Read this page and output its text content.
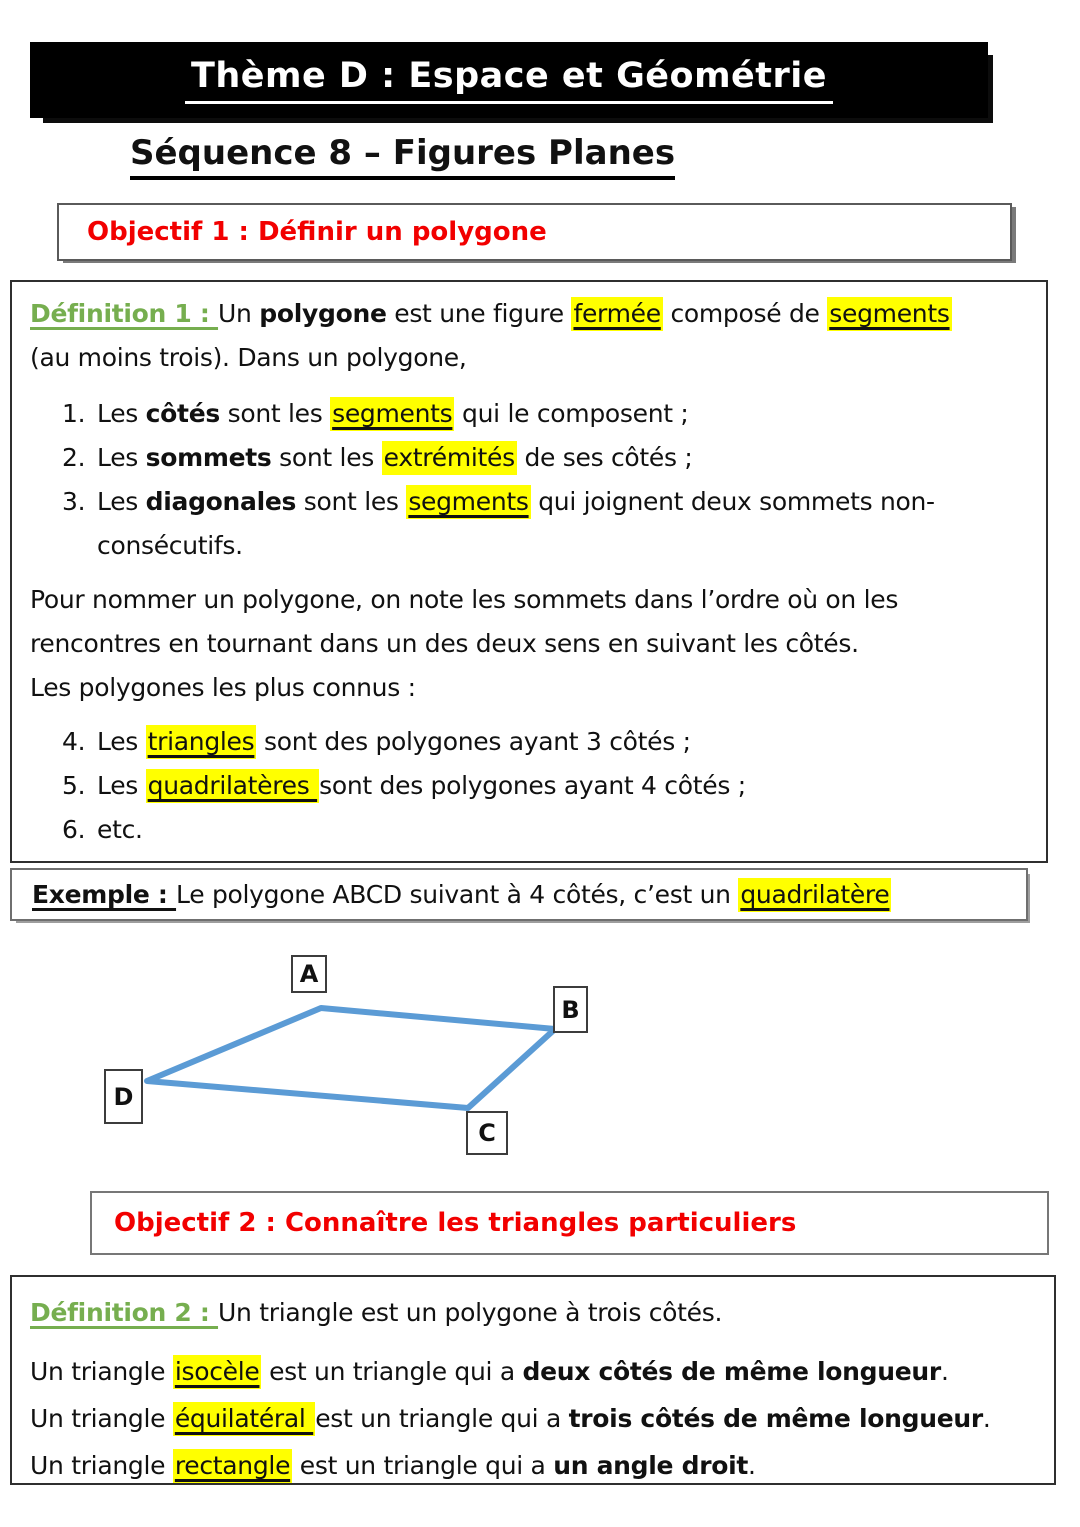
Thème D : Espace et Géométrie
Séquence 8 – Figures Planes
Objectif 1 : Définir un polygone

Définition 1 : Un polygone est une figure fermée composé de segments
(au moins trois). Dans un polygone,

1. Les côtés sont les segments qui le composent ;
2. Les sommets sont les extrémités de ses côtés ;
3. Les diagonales sont les segments qui joignent deux sommets non-
consécutifs.

Pour nommer un polygone, on note les sommets dans l’ordre où on les
rencontres en tournant dans un des deux sens en suivant les côtés.
Les polygones les plus connus :

4. Les triangles sont des polygones ayant 3 côtés ;
5. Les quadrilatères sont des polygones ayant 4 côtés ;
6. etc.
Exemple : Le polygone ABCD suivant à 4 côtés, c’est un quadrilatère
A
B
C
D
Objectif 2 : Connaître les triangles particuliers

Définition 2 : Un triangle est un polygone à trois côtés.

Un triangle isocèle est un triangle qui a deux côtés de même longueur.
Un triangle équilatéral est un triangle qui a trois côtés de même longueur.
Un triangle rectangle est un triangle qui a un angle droit.
